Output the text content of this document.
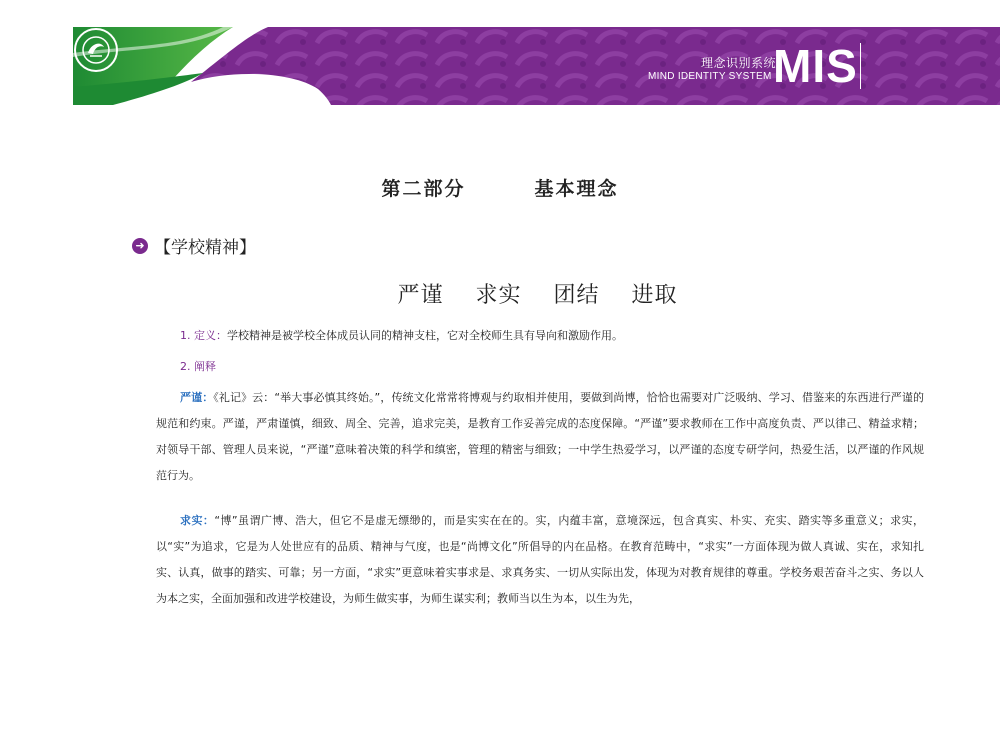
理念识别系统
MIND IDENTITY SYSTEM MIS
第二部分        基本理念
➜ 【学校精神】
严谨    求实    团结    进取
1. 定义：学校精神是被学校全体成员认同的精神支柱，它对全校师生具有导向和激励作用。
2. 阐释
严谨：《礼记》云：“举大事必慎其终始。”，传统文化常常将博观与约取相并使用，要做到尚博，恰恰也需要对广泛吸纳、学习、借鉴来的东西进行严谨的规范和约束。严谨，严肃谨慎，细致、周全、完善，追求完美，是教育工作妥善完成的态度保障。“严谨”要求教师在工作中高度负责、严以律己、精益求精；对领导干部、管理人员来说，“严谨”意味着决策的科学和缜密，管理的精密与细致；一中学生热爱学习，以严谨的态度专研学问，热爱生活，以严谨的作风规范行为。
求实：“博”虽谓广博、浩大，但它不是虚无缥缈的，而是实实在在的。实，内蕴丰富，意境深远，包含真实、朴实、充实、踏实等多重意义；求实，以“实”为追求，它是为人处世应有的品质、精神与气度，也是“尚博文化”所倡导的内在品格。在教育范畴中，“求实”一方面体现为做人真诚、实在，求知扎实、认真，做事的踏实、可靠；另一方面，“求实”更意味着实事求是、求真务实、一切从实际出发，体现为对教育规律的尊重。学校务艰苦奋斗之实、务以人为本之实，全面加强和改进学校建设，为师生做实事，为师生谋实利；教师当以生为本，以生为先，
